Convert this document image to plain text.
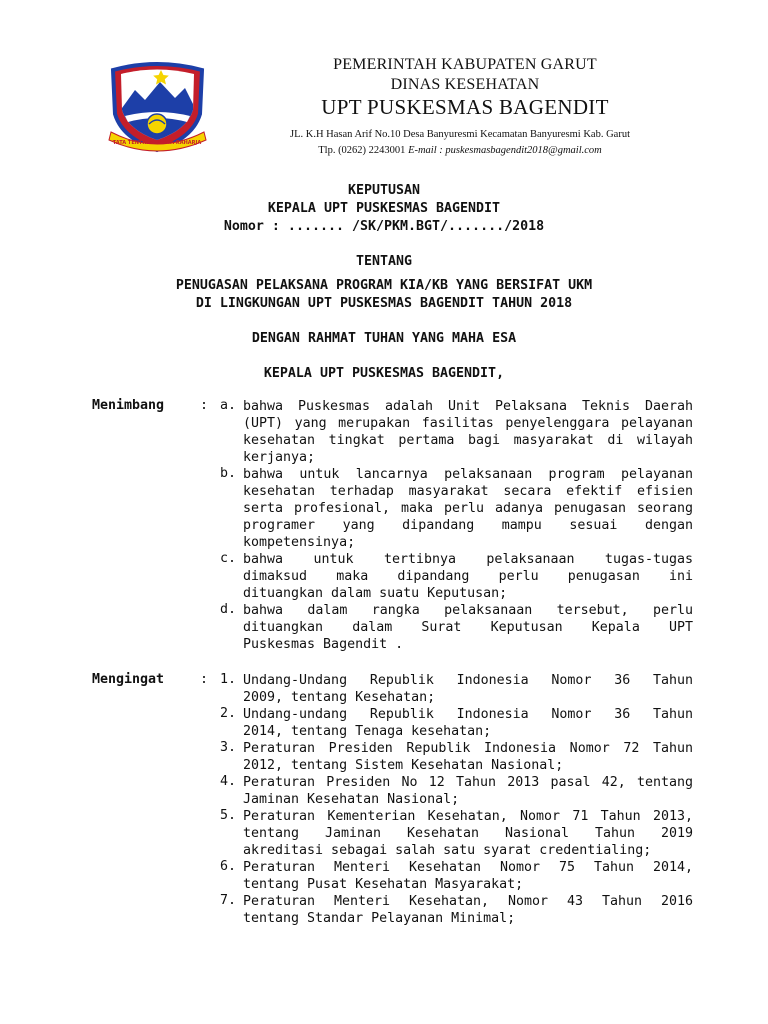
TATA TENTREM KERTA RAHARJA
PEMERINTAH KABUPATEN GARUT
DINAS KESEHATAN
UPT PUSKESMAS BAGENDIT
JL. K.H Hasan Arif No.10 Desa Banyuresmi Kecamatan Banyuresmi Kab. Garut
Tlp. (0262) 2243001 E-mail : puskesmasbagendit2018@gmail.com
KEPUTUSAN
KEPALA UPT PUSKESMAS BAGENDIT
Nomor : ....... /SK/PKM.BGT/......./2018
TENTANG
PENUGASAN PELAKSANA PROGRAM KIA/KB YANG BERSIFAT UKM
DI LINGKUNGAN UPT PUSKESMAS BAGENDIT TAHUN 2018
DENGAN RAHMAT TUHAN YANG MAHA ESA
KEPALA UPT PUSKESMAS BAGENDIT,
Menimbang	: a. bahwa Puskesmas adalah Unit Pelaksana Teknis Daerah
(UPT) yang merupakan fasilitas penyelenggara pelayanan
kesehatan tingkat pertama bagi masyarakat di wilayah
kerjanya;
b. bahwa untuk lancarnya pelaksanaan program pelayanan
kesehatan terhadap masyarakat secara efektif efisien
serta profesional, maka perlu adanya penugasan seorang
programer yang dipandang mampu sesuai dengan
kompetensinya;
c. bahwa untuk tertibnya pelaksanaan tugas-tugas
dimaksud maka dipandang perlu penugasan ini
dituangkan dalam suatu Keputusan;
d. bahwa dalam rangka pelaksanaan tersebut, perlu
dituangkan dalam Surat Keputusan Kepala UPT
Puskesmas Bagendit .
Mengingat	: 1. Undang-Undang Republik Indonesia Nomor 36 Tahun
2009, tentang Kesehatan;
2. Undang-undang Republik Indonesia Nomor 36 Tahun
2014, tentang Tenaga kesehatan;
3. Peraturan Presiden Republik Indonesia Nomor 72 Tahun
2012, tentang Sistem Kesehatan Nasional;
4. Peraturan Presiden No 12 Tahun 2013 pasal 42, tentang
Jaminan Kesehatan Nasional;
5. Peraturan Kementerian Kesehatan, Nomor 71 Tahun 2013,
tentang Jaminan Kesehatan Nasional Tahun 2019
akreditasi sebagai salah satu syarat credentialing;
6. Peraturan Menteri Kesehatan Nomor 75 Tahun 2014,
tentang Pusat Kesehatan Masyarakat;
7. Peraturan Menteri Kesehatan, Nomor 43 Tahun 2016
tentang Standar Pelayanan Minimal;
